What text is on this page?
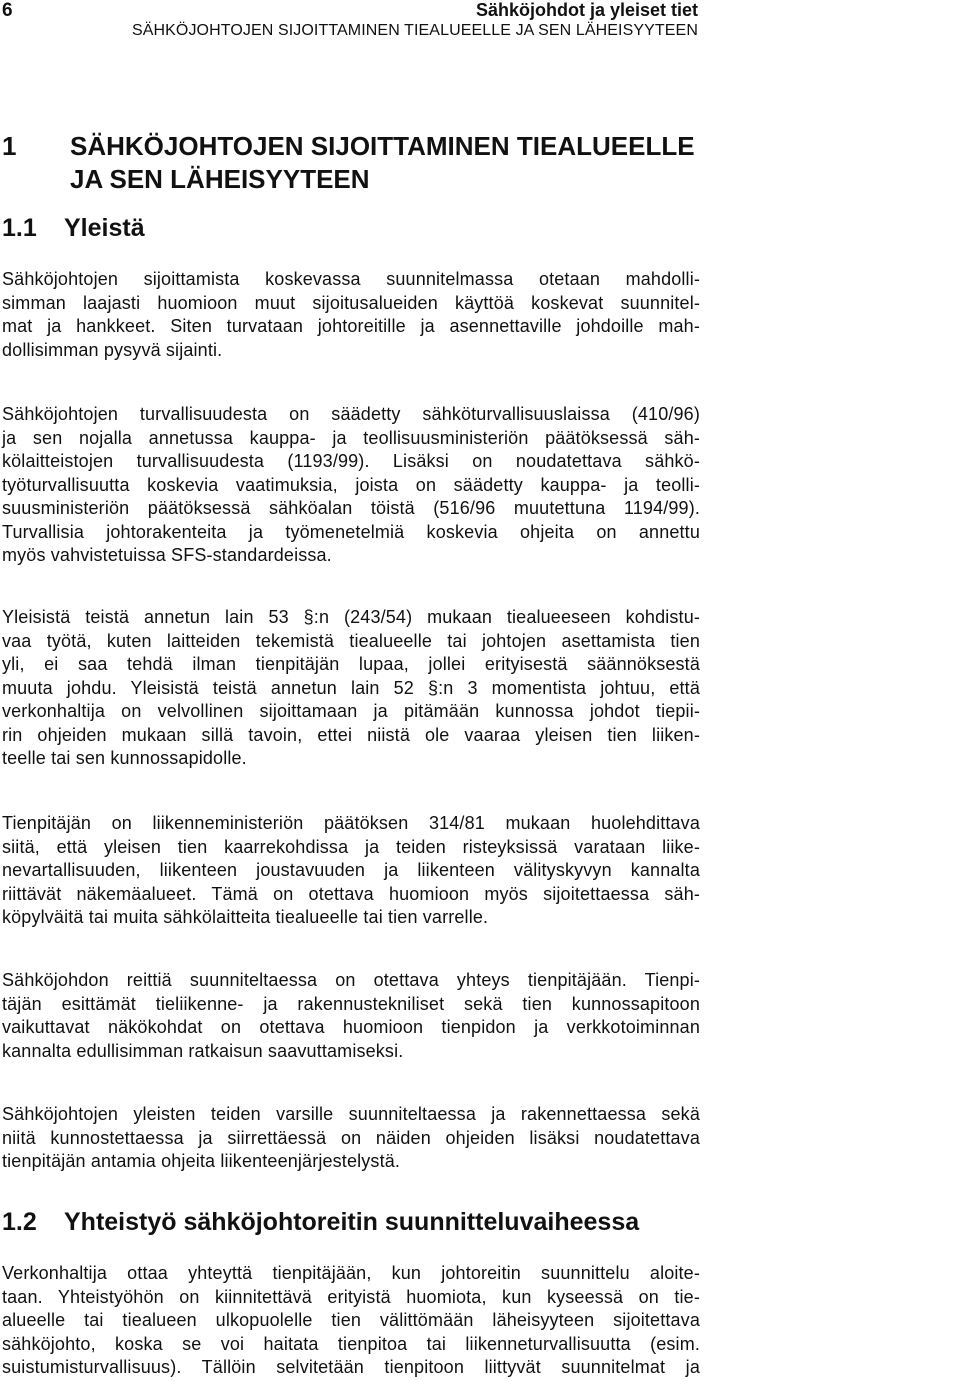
6	Sähköjohdot ja yleiset tiet
SÄHKÖJOHTOJEN SIJOITTAMINEN TIEALUEELLE JA SEN LÄHEISYYTEEN
1 SÄHKÖJOHTOJEN SIJOITTAMINEN TIEALUEELLE
JA SEN LÄHEISYYTEEN
1.1 Yleistä
Sähköjohtojen sijoittamista koskevassa suunnitelmassa otetaan mahdolli-
simman laajasti huomioon muut sijoitusalueiden käyttöä koskevat suunnitel-
mat ja hankkeet. Siten turvataan johtoreitille ja asennettaville johdoille mah-
dollisimman pysyvä sijainti.
Sähköjohtojen turvallisuudesta on säädetty sähköturvallisuuslaissa (410/96)
ja sen nojalla annetussa kauppa- ja teollisuusministeriön päätöksessä säh-
kölaitteistojen turvallisuudesta (1193/99). Lisäksi on noudatettava sähkö-
työturvallisuutta koskevia vaatimuksia, joista on säädetty kauppa- ja teolli-
suusministeriön päätöksessä sähköalan töistä (516/96 muutettuna 1194/99).
Turvallisia johtorakenteita ja työmenetelmiä koskevia ohjeita on annettu
myös vahvistetuissa SFS-standardeissa.
Yleisistä teistä annetun lain 53 §:n (243/54) mukaan tiealueeseen kohdistu-
vaa työtä, kuten laitteiden tekemistä tiealueelle tai johtojen asettamista tien
yli, ei saa tehdä ilman tienpitäjän lupaa, jollei erityisestä säännöksestä
muuta johdu. Yleisistä teistä annetun lain 52 §:n 3 momentista johtuu, että
verkonhaltija on velvollinen sijoittamaan ja pitämään kunnossa johdot tiepii-
rin ohjeiden mukaan sillä tavoin, ettei niistä ole vaaraa yleisen tien liiken-
teelle tai sen kunnossapidolle.
Tienpitäjän on liikenneministeriön päätöksen 314/81 mukaan huolehdittava
siitä, että yleisen tien kaarrekohdissa ja teiden risteyksissä varataan liike-
nevartallisuuden, liikenteen joustavuuden ja liikenteen välityskyvyn kannalta
riittävät näkemäalueet. Tämä on otettava huomioon myös sijoitettaessa säh-
köpylväitä tai muita sähkölaitteita tiealueelle tai tien varrelle.
Sähköjohdon reittiä suunniteltaessa on otettava yhteys tienpitäjään. Tienpi-
täjän esittämät tieliikenne- ja rakennustekniliset sekä tien kunnossapitoon
vaikuttavat näkökohdat on otettava huomioon tienpidon ja verkkotoiminnan
kannalta edullisimman ratkaisun saavuttamiseksi.
Sähköjohtojen yleisten teiden varsille suunniteltaessa ja rakennettaessa sekä
niitä kunnostettaessa ja siirrettäessä on näiden ohjeiden lisäksi noudatettava
tienpitäjän antamia ohjeita liikenteenjärjestelystä.
1.2 Yhteistyö sähköjohtoreitin suunnitteluvaiheessa
Verkonhaltija ottaa yhteyttä tienpitäjään, kun johtoreitin suunnittelu aloite-
taan. Yhteistyöhön on kiinnitettävä erityistä huomiota, kun kyseessä on tie-
alueelle tai tiealueen ulkopuolelle tien välittömään läheisyyteen sijoitettava
sähköjohto, koska se voi haitata tienpitoa tai liikenneturvallisuutta (esim.
suistumisturvallisuus). Tällöin selvitetään tienpitoon liittyvät suunnitelmat ja
